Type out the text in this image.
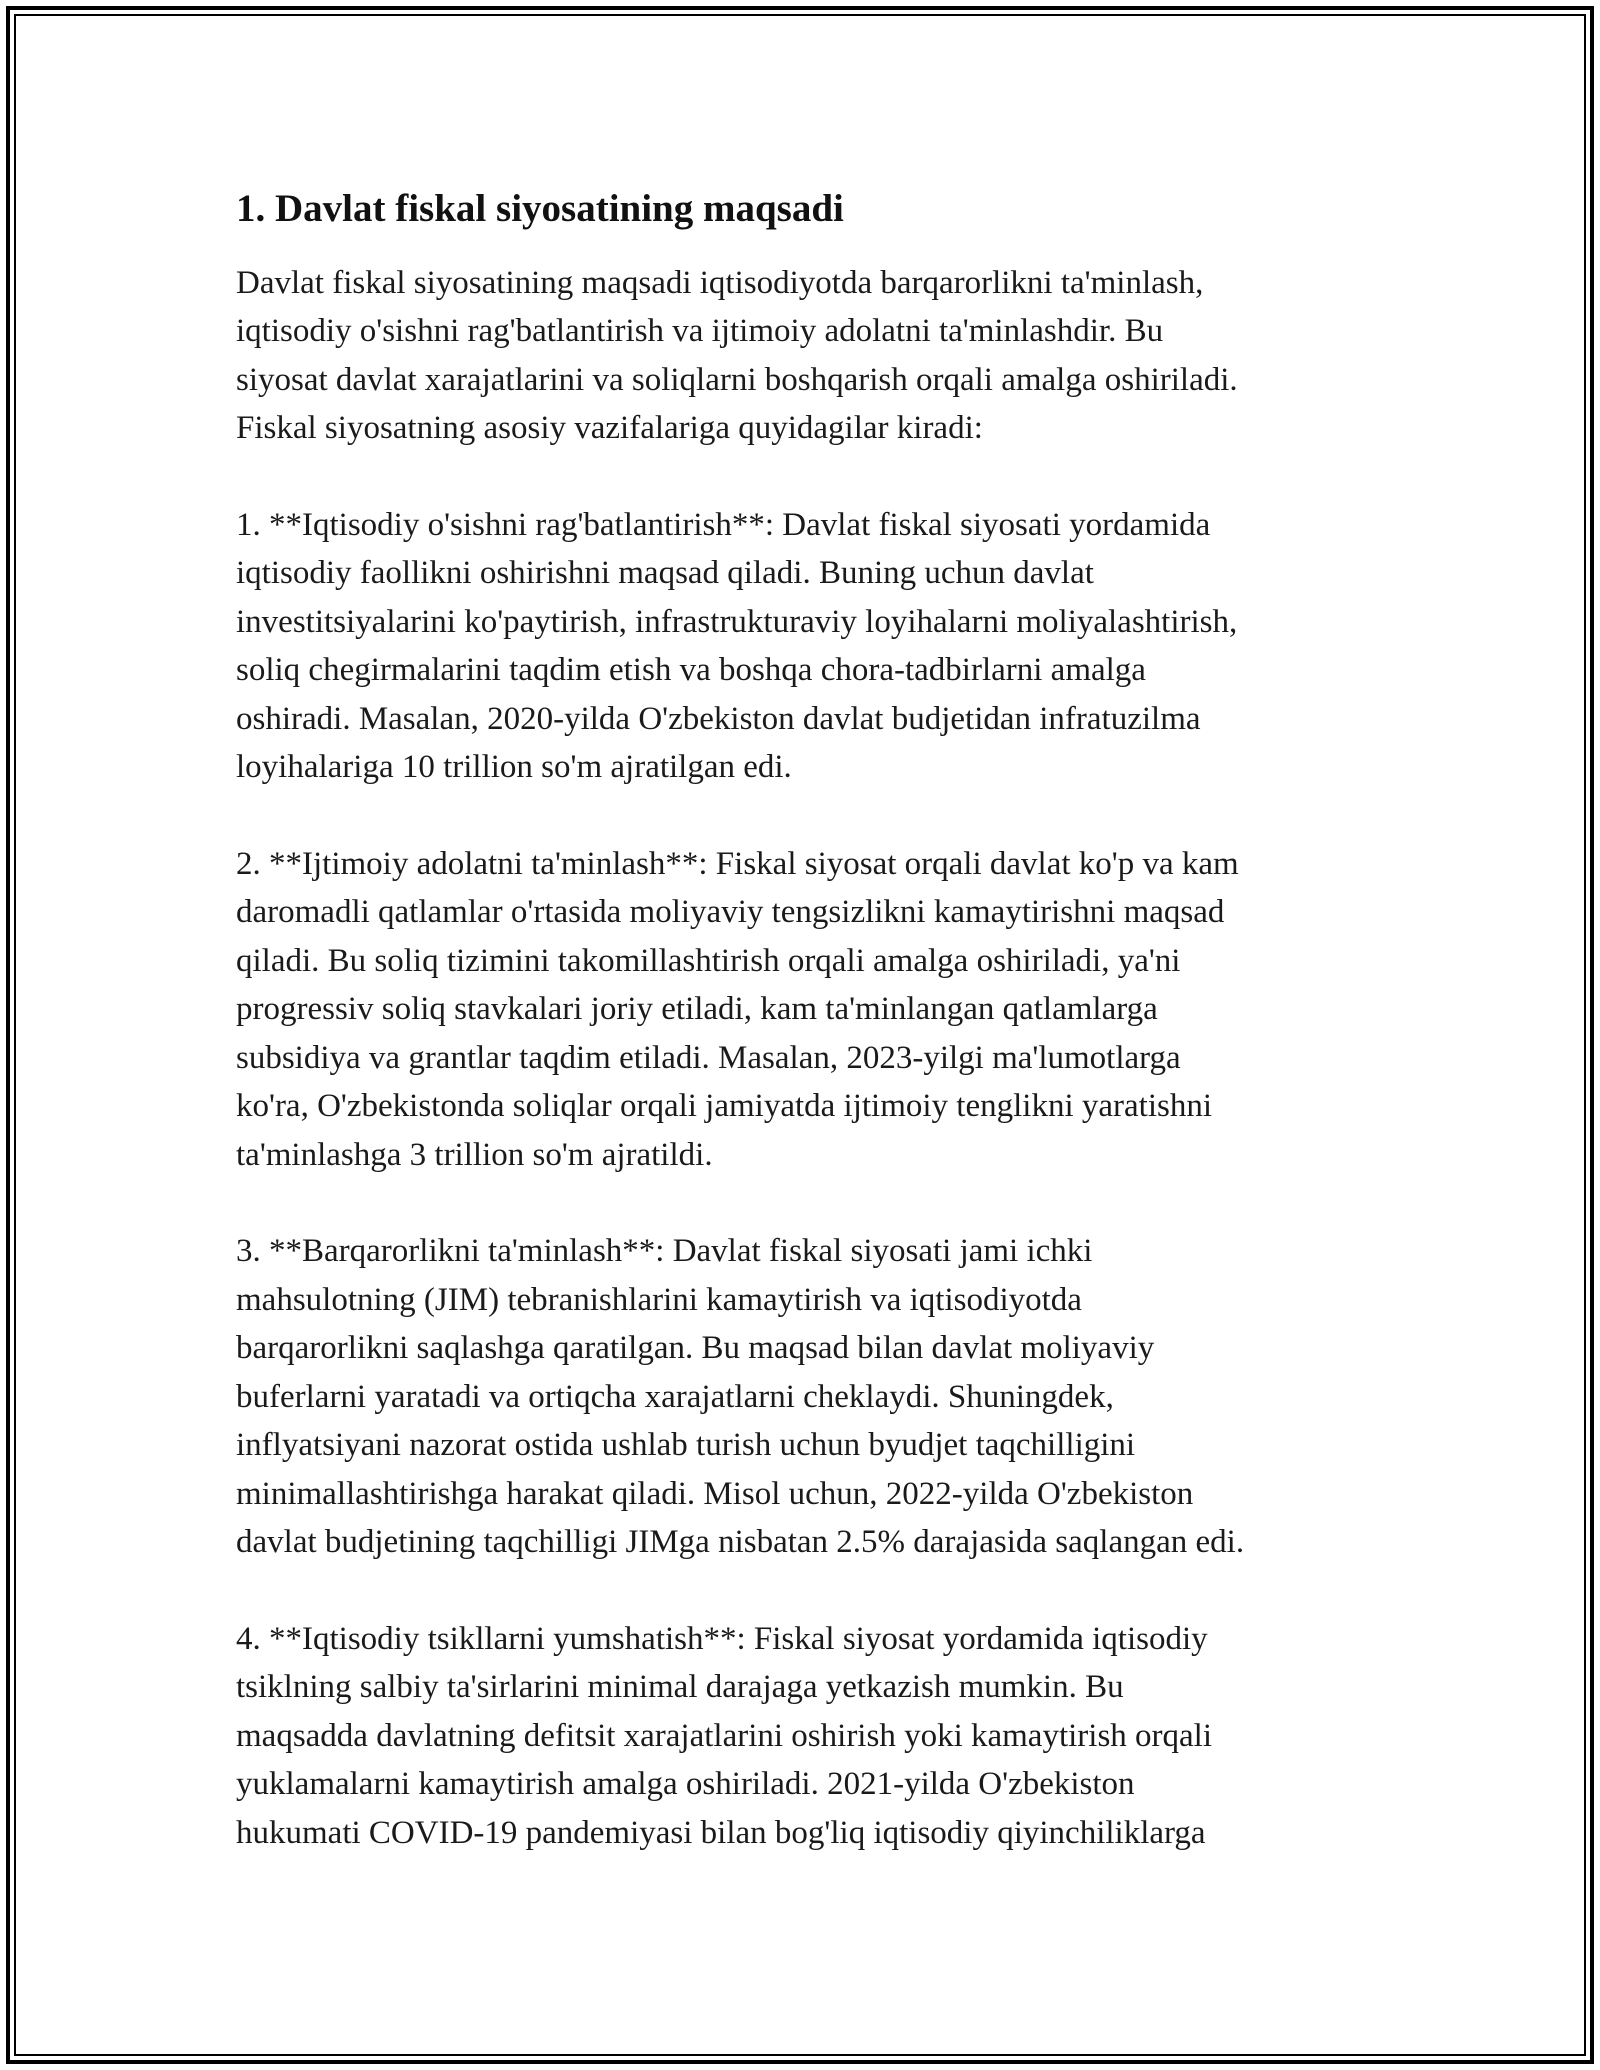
1. Davlat fiskal siyosatining maqsadi

Davlat fiskal siyosatining maqsadi iqtisodiyotda barqarorlikni ta'minlash,
iqtisodiy o'sishni rag'batlantirish va ijtimoiy adolatni ta'minlashdir. Bu
siyosat davlat xarajatlarini va soliqlarni boshqarish orqali amalga oshiriladi.
Fiskal siyosatning asosiy vazifalariga quyidagilar kiradi:

1. **Iqtisodiy o'sishni rag'batlantirish**: Davlat fiskal siyosati yordamida
iqtisodiy faollikni oshirishni maqsad qiladi. Buning uchun davlat
investitsiyalarini ko'paytirish, infrastrukturaviy loyihalarni moliyalashtirish,
soliq chegirmalarini taqdim etish va boshqa chora-tadbirlarni amalga
oshiradi. Masalan, 2020-yilda O'zbekiston davlat budjetidan infratuzilma
loyihalariga 10 trillion so'm ajratilgan edi.

2. **Ijtimoiy adolatni ta'minlash**: Fiskal siyosat orqali davlat ko'p va kam
daromadli qatlamlar o'rtasida moliyaviy tengsizlikni kamaytirishni maqsad
qiladi. Bu soliq tizimini takomillashtirish orqali amalga oshiriladi, ya'ni
progressiv soliq stavkalari joriy etiladi, kam ta'minlangan qatlamlarga
subsidiya va grantlar taqdim etiladi. Masalan, 2023-yilgi ma'lumotlarga
ko'ra, O'zbekistonda soliqlar orqali jamiyatda ijtimoiy tenglikni yaratishni
ta'minlashga 3 trillion so'm ajratildi.

3. **Barqarorlikni ta'minlash**: Davlat fiskal siyosati jami ichki
mahsulotning (JIM) tebranishlarini kamaytirish va iqtisodiyotda
barqarorlikni saqlashga qaratilgan. Bu maqsad bilan davlat moliyaviy
buferlarni yaratadi va ortiqcha xarajatlarni cheklaydi. Shuningdek,
inflyatsiyani nazorat ostida ushlab turish uchun byudjet taqchilligini
minimallashtirishga harakat qiladi. Misol uchun, 2022-yilda O'zbekiston
davlat budjetining taqchilligi JIMga nisbatan 2.5% darajasida saqlangan edi.

4. **Iqtisodiy tsikllarni yumshatish**: Fiskal siyosat yordamida iqtisodiy
tsiklning salbiy ta'sirlarini minimal darajaga yetkazish mumkin. Bu
maqsadda davlatning defitsit xarajatlarini oshirish yoki kamaytirish orqali
yuklamalarni kamaytirish amalga oshiriladi. 2021-yilda O'zbekiston
hukumati COVID-19 pandemiyasi bilan bog'liq iqtisodiy qiyinchiliklarga
